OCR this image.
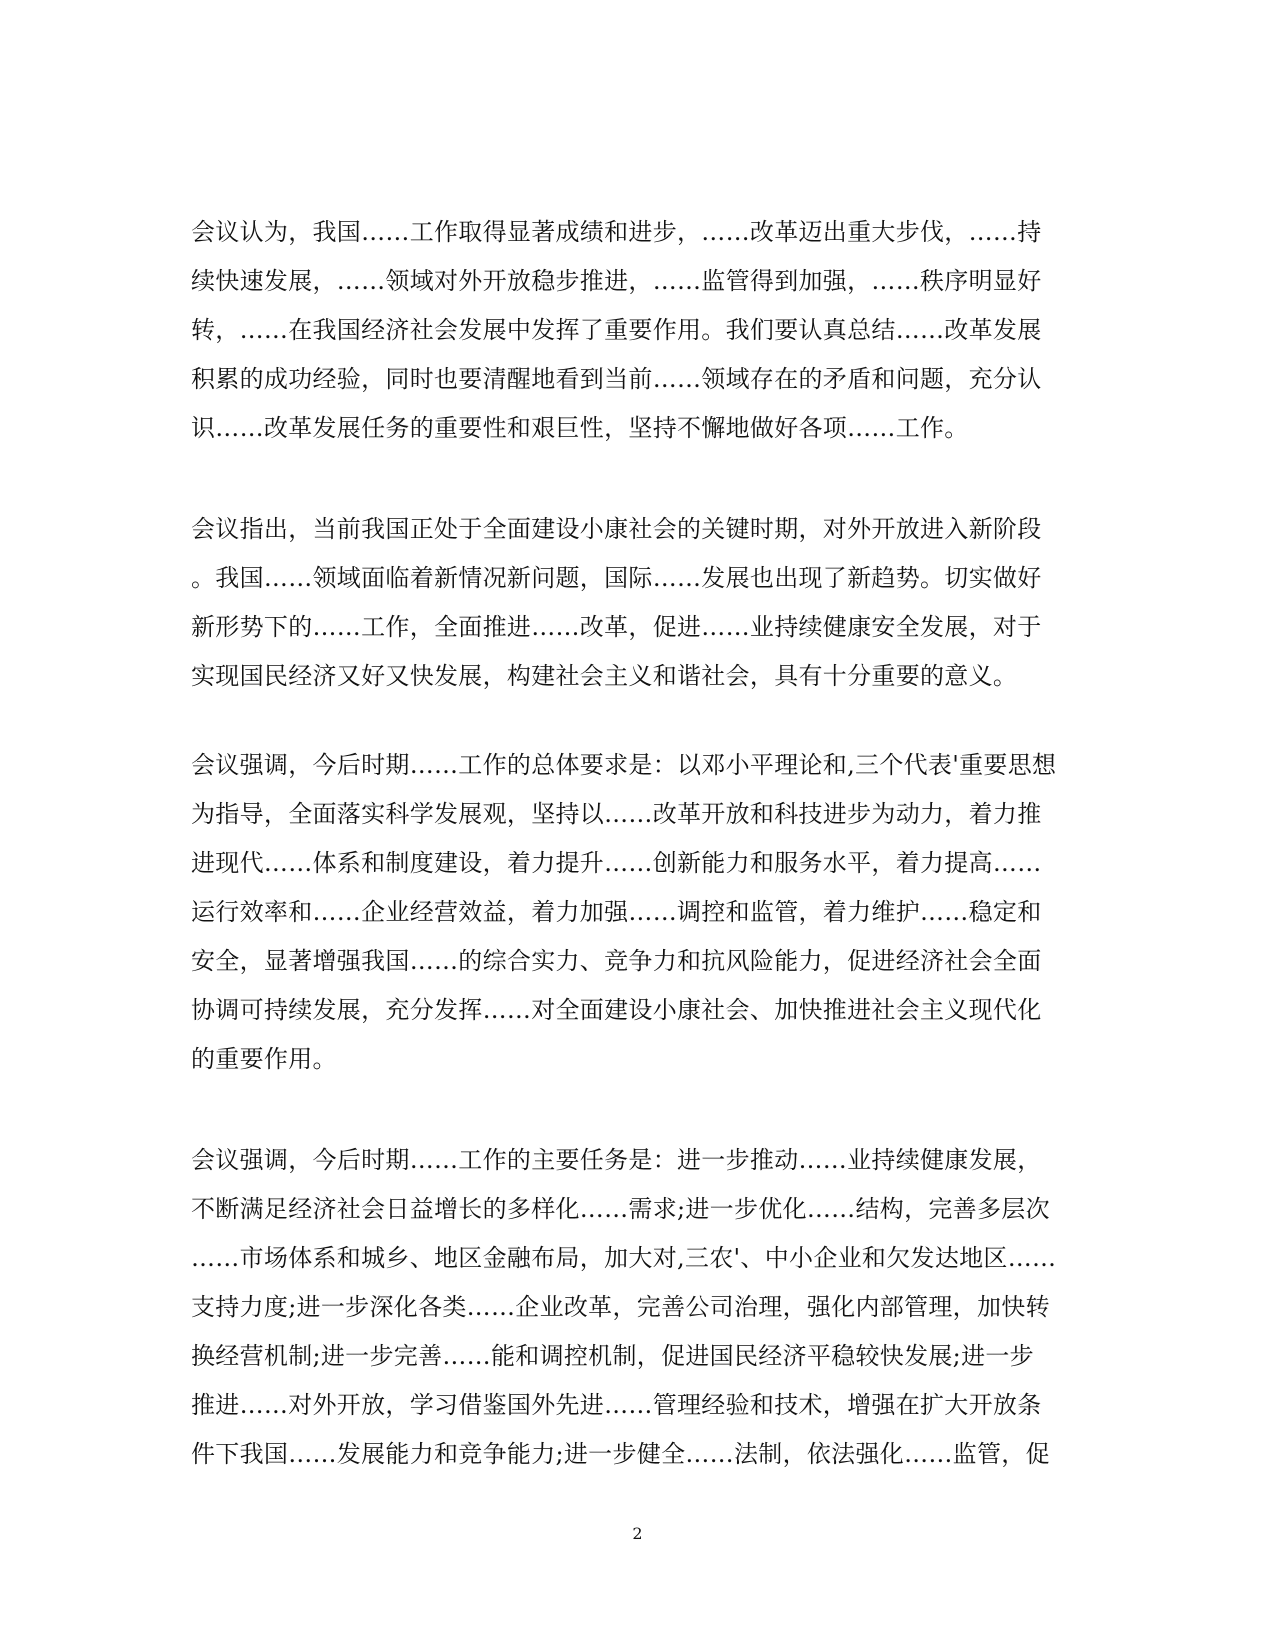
会议认为，我国……工作取得显著成绩和进步，……改革迈出重大步伐，……持
续快速发展，……领域对外开放稳步推进，……监管得到加强，……秩序明显好
转，……在我国经济社会发展中发挥了重要作用。我们要认真总结……改革发展
积累的成功经验，同时也要清醒地看到当前……领域存在的矛盾和问题，充分认
识……改革发展任务的重要性和艰巨性，坚持不懈地做好各项……工作。
会议指出，当前我国正处于全面建设小康社会的关键时期，对外开放进入新阶段
。我国……领域面临着新情况新问题，国际……发展也出现了新趋势。切实做好
新形势下的……工作，全面推进……改革，促进……业持续健康安全发展，对于
实现国民经济又好又快发展，构建社会主义和谐社会，具有十分重要的意义。
会议强调，今后时期……工作的总体要求是：以邓小平理论和,三个代表'重要思想
为指导，全面落实科学发展观，坚持以……改革开放和科技进步为动力，着力推
进现代……体系和制度建设，着力提升……创新能力和服务水平，着力提高……
运行效率和……企业经营效益，着力加强……调控和监管，着力维护……稳定和
安全，显著增强我国……的综合实力、竞争力和抗风险能力，促进经济社会全面
协调可持续发展，充分发挥……对全面建设小康社会、加快推进社会主义现代化
的重要作用。
会议强调，今后时期……工作的主要任务是：进一步推动……业持续健康发展，
不断满足经济社会日益增长的多样化……需求;进一步优化……结构，完善多层次
……市场体系和城乡、地区金融布局，加大对,三农'、中小企业和欠发达地区……
支持力度;进一步深化各类……企业改革，完善公司治理，强化内部管理，加快转
换经营机制;进一步完善……能和调控机制，促进国民经济平稳较快发展;进一步
推进……对外开放，学习借鉴国外先进……管理经验和技术，增强在扩大开放条
件下我国……发展能力和竞争能力;进一步健全……法制，依法强化……监管，促
2
